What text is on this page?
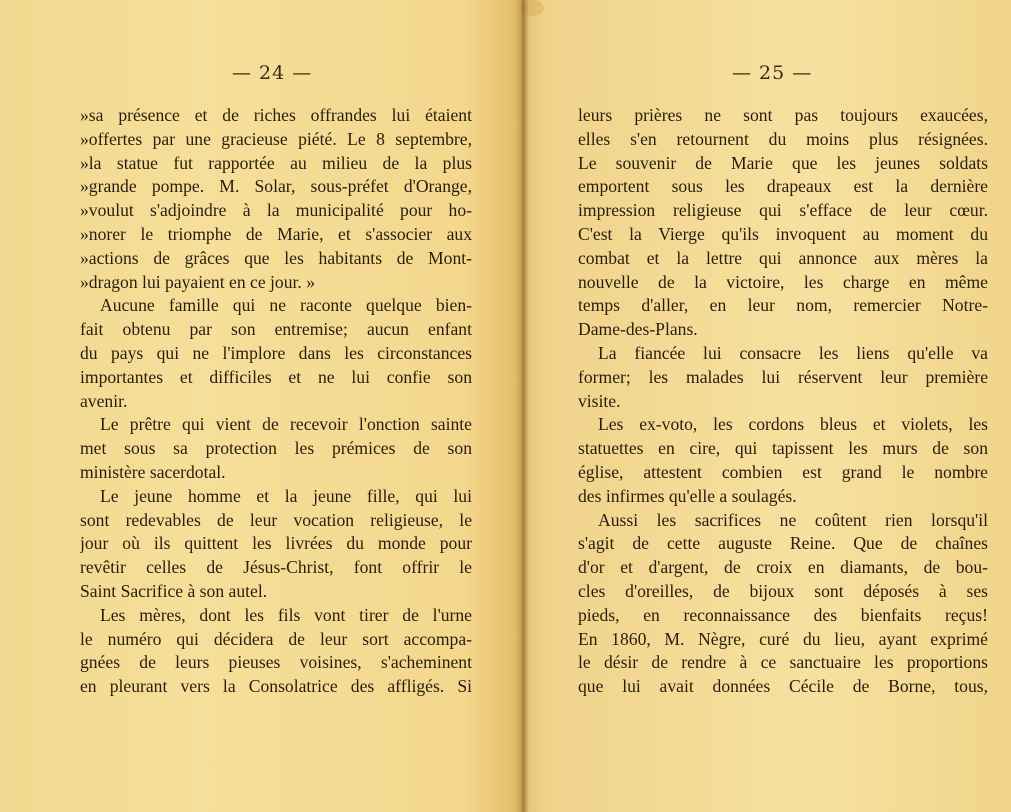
— 24 —
»sa présence et de riches offrandes lui étaient
»offertes par une gracieuse piété. Le 8 septembre,
»la statue fut rapportée au milieu de la plus
»grande pompe. M. Solar, sous-préfet d'Orange,
»voulut s'adjoindre à la municipalité pour ho-
»norer le triomphe de Marie, et s'associer aux
»actions de grâces que les habitants de Mont-
»dragon lui payaient en ce jour. »
Aucune famille qui ne raconte quelque bien-
fait obtenu par son entremise; aucun enfant
du pays qui ne l'implore dans les circonstances
importantes et difficiles et ne lui confie son
avenir.
Le prêtre qui vient de recevoir l'onction sainte
met sous sa protection les prémices de son
ministère sacerdotal.
Le jeune homme et la jeune fille, qui lui
sont redevables de leur vocation religieuse, le
jour où ils quittent les livrées du monde pour
revêtir celles de Jésus-Christ, font offrir le
Saint Sacrifice à son autel.
Les mères, dont les fils vont tirer de l'urne
le numéro qui décidera de leur sort accompa-
gnées de leurs pieuses voisines, s'acheminent
en pleurant vers la Consolatrice des affligés. Si
— 25 —
leurs prières ne sont pas toujours exaucées,
elles s'en retournent du moins plus résignées.
Le souvenir de Marie que les jeunes soldats
emportent sous les drapeaux est la dernière
impression religieuse qui s'efface de leur cœur.
C'est la Vierge qu'ils invoquent au moment du
combat et la lettre qui annonce aux mères la
nouvelle de la victoire, les charge en même
temps d'aller, en leur nom, remercier Notre-
Dame-des-Plans.
La fiancée lui consacre les liens qu'elle va
former; les malades lui réservent leur première
visite.
Les ex-voto, les cordons bleus et violets, les
statuettes en cire, qui tapissent les murs de son
église, attestent combien est grand le nombre
des infirmes qu'elle a soulagés.
Aussi les sacrifices ne coûtent rien lorsqu'il
s'agit de cette auguste Reine. Que de chaînes
d'or et d'argent, de croix en diamants, de bou-
cles d'oreilles, de bijoux sont déposés à ses
pieds, en reconnaissance des bienfaits reçus!
En 1860, M. Nègre, curé du lieu, ayant exprimé
le désir de rendre à ce sanctuaire les proportions
que lui avait données Cécile de Borne, tous,
